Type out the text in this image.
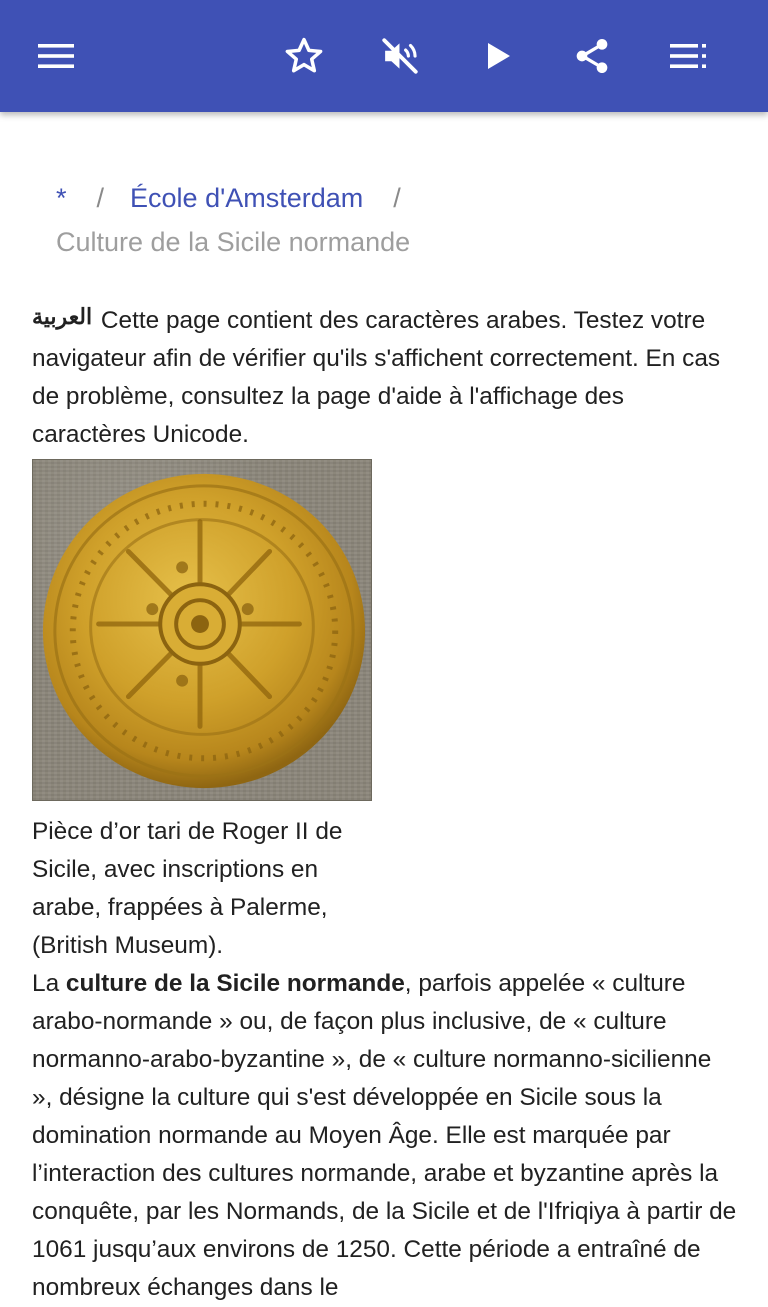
* / École d'Amsterdam /
Culture de la Sicile normande
العربية Cette page contient des caractères arabes. Testez votre navigateur afin de vérifier qu'ils s'affichent correctement. En cas de problème, consultez la page d'aide à l'affichage des caractères Unicode.
Pièce d’or tari de Roger II de Sicile, avec inscriptions en arabe, frappées à Palerme, (British Museum).
La culture de la Sicile normande, parfois appelée « culture arabo-normande » ou, de façon plus inclusive, de « culture normanno-arabo-byzantine », de « culture normanno-sicilienne », désigne la culture qui s'est développée en Sicile sous la domination normande au Moyen Âge. Elle est marquée par l’interaction des cultures normande, arabe et byzantine après la conquête, par les Normands, de la Sicile et de l'Ifriqiya à partir de 1061 jusqu’aux environs de 1250. Cette période a entraîné de nombreux échanges dans le
